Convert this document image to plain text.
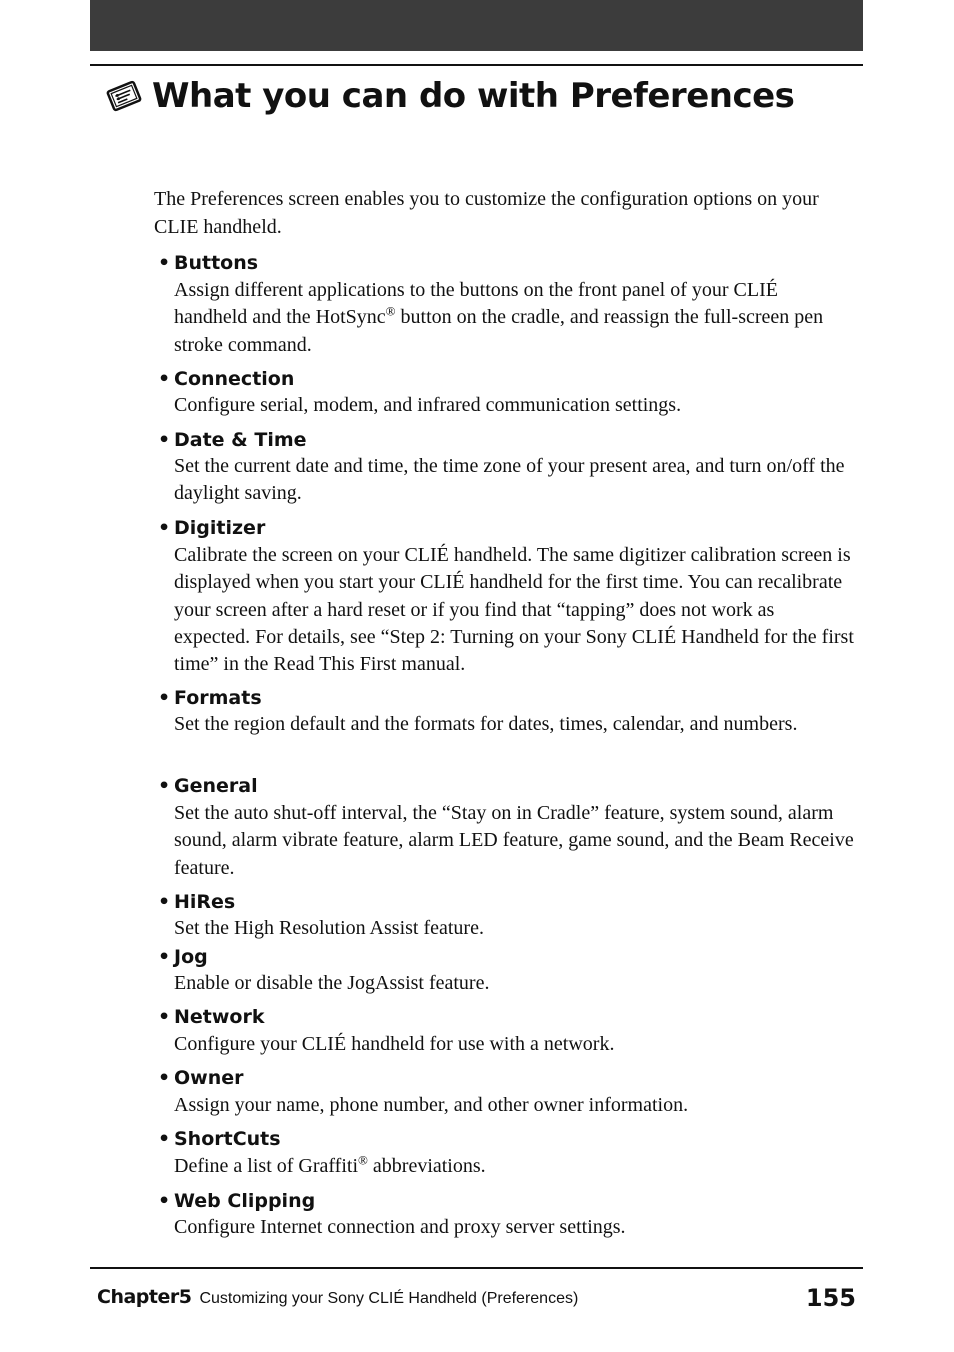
What you can do with Preferences

The Preferences screen enables you to customize the configuration options on your CLIE handheld.

• Buttons

Assign different applications to the buttons on the front panel of your CLIÉ handheld and the HotSync® button on the cradle, and reassign the full-screen pen stroke command.

• Connection

Configure serial, modem, and infrared communication settings.

• Date & Time

Set the current date and time, the time zone of your present area, and turn on/off the daylight saving.

• Digitizer

Calibrate the screen on your CLIÉ handheld. The same digitizer calibration screen is displayed when you start your CLIÉ handheld for the first time. You can recalibrate your screen after a hard reset or if you find that “tapping” does not work as expected. For details, see “Step 2: Turning on your Sony CLIÉ Handheld for the first time” in the Read This First manual.

• Formats

Set the region default and the formats for dates, times, calendar, and numbers.

• General

Set the auto shut-off interval, the “Stay on in Cradle” feature, system sound, alarm sound, alarm vibrate feature, alarm LED feature, game sound, and the Beam Receive feature.

• HiRes

Set the High Resolution Assist feature.

• Jog

Enable or disable the JogAssist feature.

• Network

Configure your CLIÉ handheld for use with a network.

• Owner

Assign your name, phone number, and other owner information.

• ShortCuts

Define a list of Graffiti® abbreviations.

• Web Clipping

Configure Internet connection and proxy server settings.

Chapter5 Customizing your Sony CLIÉ Handheld (Preferences)	155
